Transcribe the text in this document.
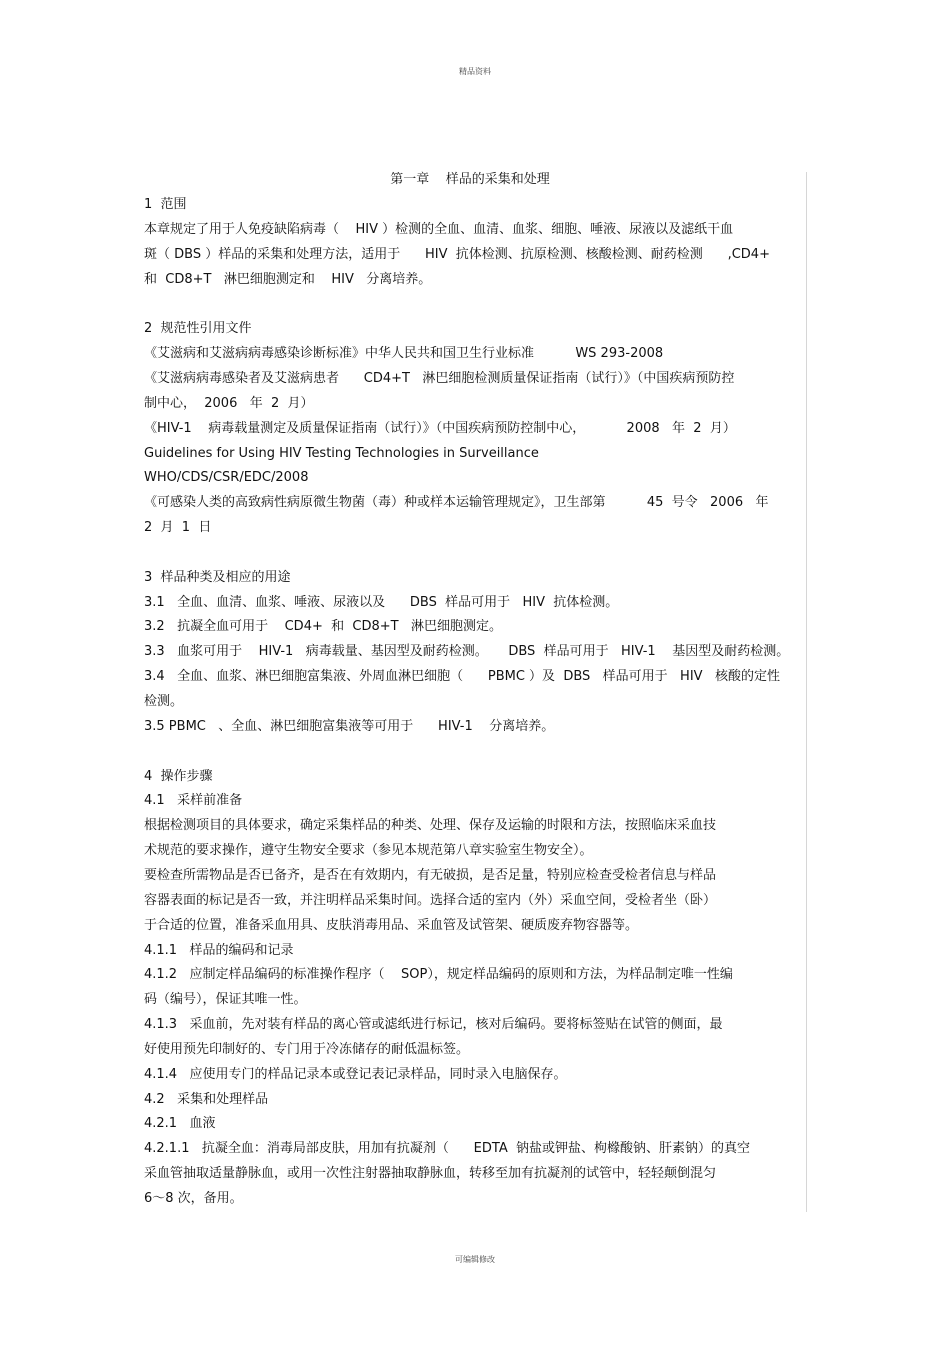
精品资料
第一章    样品的采集和处理
1  范围
本章规定了用于人免疫缺陷病毒（    HIV ）检测的全血、血清、血浆、细胞、唾液、尿液以及滤纸干血
斑（ DBS ）样品的采集和处理方法，适用于      HIV  抗体检测、抗原检测、核酸检测、耐药检测      ,CD4+
和  CD8+T   淋巴细胞测定和    HIV   分离培养。
2  规范性引用文件
《艾滋病和艾滋病病毒感染诊断标准》中华人民共和国卫生行业标准          WS 293-2008
《艾滋病病毒感染者及艾滋病患者      CD4+T   淋巴细胞检测质量保证指南（试行）》（中国疾病预防控
制中心，  2006   年  2  月）
《HIV-1    病毒载量测定及质量保证指南（试行）》（中国疾病预防控制中心，          2008   年  2  月）
Guidelines for Using HIV Testing Technologies in Surveillance
WHO/CDS/CSR/EDC/2008
《可感染人类的高致病性病原微生物菌（毒）种或样本运输管理规定》，卫生部第          45  号令   2006   年
2  月  1  日
3  样品种类及相应的用途
3.1   全血、血清、血浆、唾液、尿液以及      DBS  样品可用于   HIV  抗体检测。
3.2   抗凝全血可用于    CD4+  和  CD8+T   淋巴细胞测定。
3.3   血浆可用于    HIV-1   病毒载量、基因型及耐药检测。     DBS  样品可用于   HIV-1    基因型及耐药检测。
3.4   全血、血浆、淋巴细胞富集液、外周血淋巴细胞（      PBMC ）及  DBS   样品可用于   HIV   核酸的定性
检测。
3.5 PBMC   、全血、淋巴细胞富集液等可用于      HIV-1    分离培养。
4  操作步骤
4.1   采样前准备
根据检测项目的具体要求，确定采集样品的种类、处理、保存及运输的时限和方法，按照临床采血技
术规范的要求操作，遵守生物安全要求（参见本规范第八章实验室生物安全）。
要检查所需物品是否已备齐，是否在有效期内，有无破损，是否足量，特别应检查受检者信息与样品
容器表面的标记是否一致，并注明样品采集时间。选择合适的室内（外）采血空间，受检者坐（卧）
于合适的位置，准备采血用具、皮肤消毒用品、采血管及试管架、硬质废弃物容器等。
4.1.1   样品的编码和记录
4.1.2   应制定样品编码的标准操作程序（    SOP），规定样品编码的原则和方法，为样品制定唯一性编
码（编号），保证其唯一性。
4.1.3   采血前，先对装有样品的离心管或滤纸进行标记，核对后编码。要将标签贴在试管的侧面，最
好使用预先印制好的、专门用于冷冻储存的耐低温标签。
4.1.4   应使用专门的样品记录本或登记表记录样品，同时录入电脑保存。
4.2   采集和处理样品
4.2.1   血液
4.2.1.1   抗凝全血：消毒局部皮肤，用加有抗凝剂（      EDTA  钠盐或钾盐、枸橼酸钠、肝素钠）的真空
采血管抽取适量静脉血，或用一次性注射器抽取静脉血，转移至加有抗凝剂的试管中，轻轻颠倒混匀
6～8 次，备用。
可编辑修改
